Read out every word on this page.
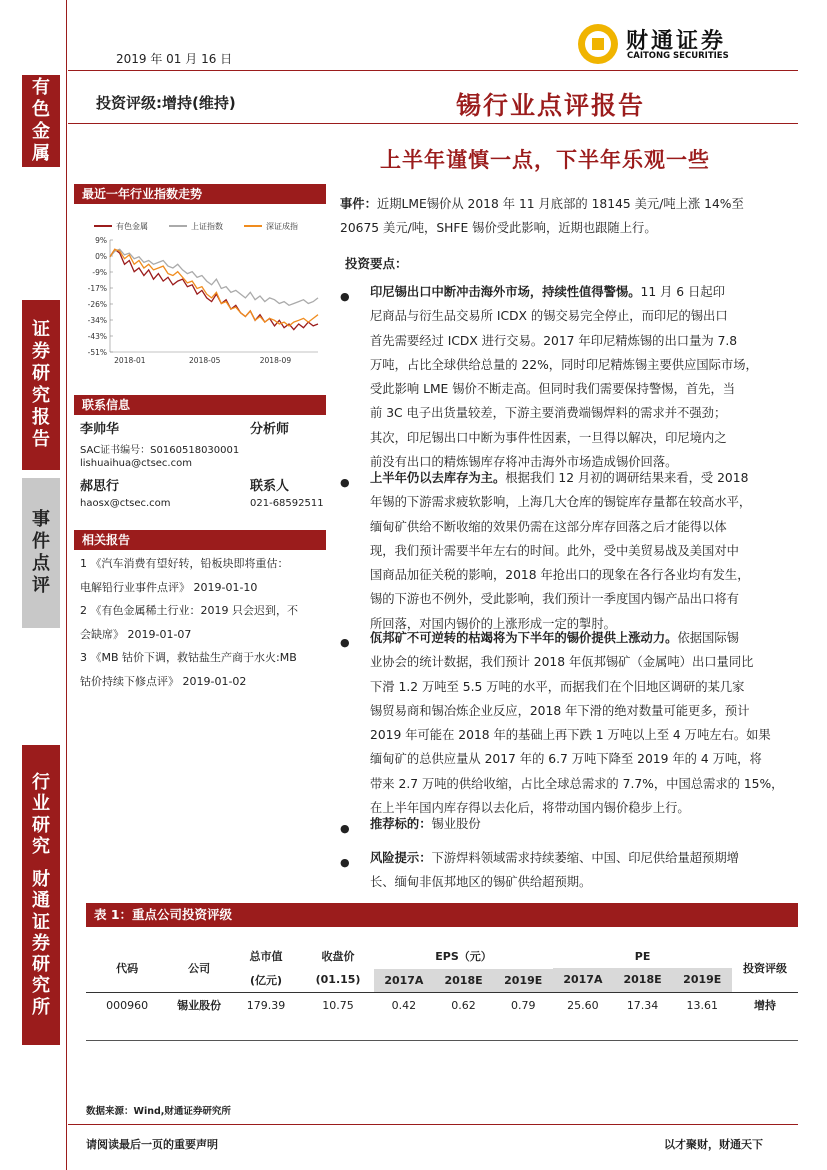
有
色
金
属
证
券
研
究
报
告
事
件
点
评
行
业
研
究
财
通
证
券
研
究
所
2019 年 01 月 16 日
财通证券
CAITONG SECURITIES
投资评级:增持(维持)	锡行业点评报告
上半年谨慎一点，下半年乐观一些
最近一年行业指数走势
有色金属	上证指数	深证成指
9%
0%
-9%
-17%
-26%
-34%
-43%
-51%
2018-01	2018-05	2018-09
联系信息
李帅华	分析师
SAC证书编号：S0160518030001
lishuaihua@ctsec.com
郝思行	联系人
haosx@ctsec.com	021-68592511
相关报告
1 《汽车消费有望好转，铅板块即将重估：
电解铅行业事件点评》 2019-01-10
2 《有色金属稀土行业：2019 只会迟到，不
会缺席》 2019-01-07
3 《MB 钴价下调，救钴盐生产商于水火:MB
钴价持续下修点评》 2019-01-02
事件：近期LME锡价从 2018 年 11 月底部的 18145 美元/吨上涨 14%至
20675 美元/吨，SHFE 锡价受此影响，近期也跟随上行。
投资要点：
● 印尼锡出口中断冲击海外市场，持续性值得警惕。11 月 6 日起印
尼商品与衍生品交易所 ICDX 的锡交易完全停止，而印尼的锡出口
首先需要经过 ICDX 进行交易。2017 年印尼精炼锡的出口量为 7.8
万吨，占比全球供给总量的 22%，同时印尼精炼锡主要供应国际市场，
受此影响 LME 锡价不断走高。但同时我们需要保持警惕，首先，当
前 3C 电子出货量较差，下游主要消费端锡焊料的需求并不强劲；
其次，印尼锡出口中断为事件性因素，一旦得以解决，印尼境内之
前没有出口的精炼锡库存将冲击海外市场造成锡价回落。
● 上半年仍以去库存为主。根据我们 12 月初的调研结果来看，受 2018
年锡的下游需求疲软影响，上海几大仓库的锡锭库存量都在较高水平，
缅甸矿供给不断收缩的效果仍需在这部分库存回落之后才能得以体
现，我们预计需要半年左右的时间。此外，受中美贸易战及美国对中
国商品加征关税的影响，2018 年抢出口的现象在各行各业均有发生，
锡的下游也不例外，受此影响，我们预计一季度国内锡产品出口将有
所回落，对国内锡价的上涨形成一定的掣肘。
● 佤邦矿不可逆转的枯竭将为下半年的锡价提供上涨动力。依据国际锡
业协会的统计数据，我们预计 2018 年佤邦锡矿（金属吨）出口量同比
下滑 1.2 万吨至 5.5 万吨的水平，而据我们在个旧地区调研的某几家
锡贸易商和锡冶炼企业反应，2018 年下滑的绝对数量可能更多，预计
2019 年可能在 2018 年的基础上再下跌 1 万吨以上至 4 万吨左右。如果
缅甸矿的总供应量从 2017 年的 6.7 万吨下降至 2019 年的 4 万吨，将
带来 2.7 万吨的供给收缩，占比全球总需求的 7.7%，中国总需求的 15%，
在上半年国内库存得以去化后，将带动国内锡价稳步上行。
● 推荐标的：锡业股份
● 风险提示：下游焊料领域需求持续萎缩、中国、印尼供给量超预期增
长、缅甸非佤邦地区的锡矿供给超预期。
表 1：重点公司投资评级
代码	公司	总市值	收盘价	EPS（元）			PE			投资评级
		(亿元)	(01.15)	2017A	2018E	2019E	2017A	2018E	2019E	
000960	锡业股份	179.39	10.75	0.42	0.62	0.79	25.60	17.34	13.61	增持
数据来源：Wind,财通证券研究所
请阅读最后一页的重要声明	以才聚财，财通天下
